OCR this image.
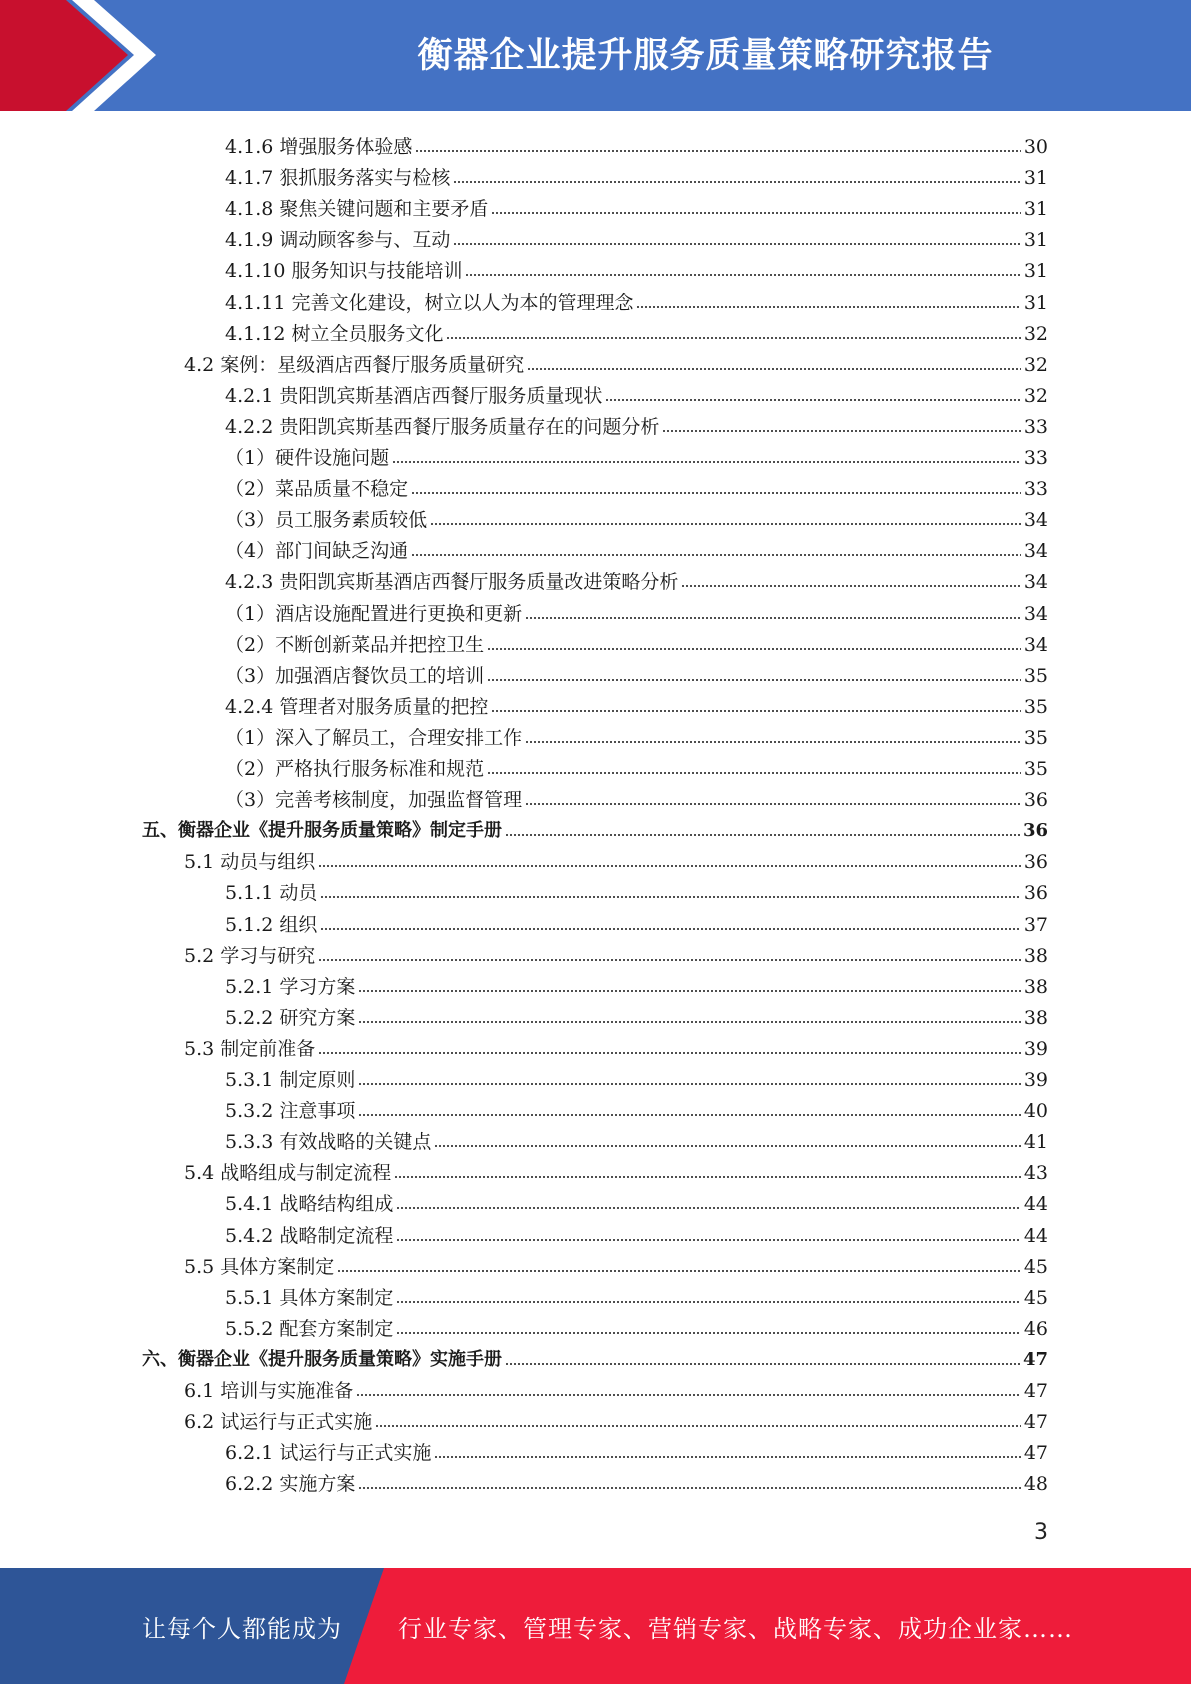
衡器企业提升服务质量策略研究报告
4.1.6 增强服务体验感	30
4.1.7 狠抓服务落实与检核	31
4.1.8 聚焦关键问题和主要矛盾	31
4.1.9 调动顾客参与、互动	31
4.1.10 服务知识与技能培训	31
4.1.11 完善文化建设，树立以人为本的管理理念	31
4.1.12 树立全员服务文化	32
4.2 案例：星级酒店西餐厅服务质量研究	32
4.2.1 贵阳凯宾斯基酒店西餐厅服务质量现状	32
4.2.2 贵阳凯宾斯基西餐厅服务质量存在的问题分析	33
（1）硬件设施问题	33
（2）菜品质量不稳定	33
（3）员工服务素质较低	34
（4）部门间缺乏沟通	34
4.2.3 贵阳凯宾斯基酒店西餐厅服务质量改进策略分析	34
（1）酒店设施配置进行更换和更新	34
（2）不断创新菜品并把控卫生	34
（3）加强酒店餐饮员工的培训	35
4.2.4 管理者对服务质量的把控	35
（1）深入了解员工，合理安排工作	35
（2）严格执行服务标准和规范	35
（3）完善考核制度，加强监督管理	36
五、衡器企业《提升服务质量策略》制定手册	36
5.1 动员与组织	36
5.1.1 动员	36
5.1.2 组织	37
5.2 学习与研究	38
5.2.1 学习方案	38
5.2.2 研究方案	38
5.3 制定前准备	39
5.3.1 制定原则	39
5.3.2 注意事项	40
5.3.3 有效战略的关键点	41
5.4 战略组成与制定流程	43
5.4.1 战略结构组成	44
5.4.2 战略制定流程	44
5.5 具体方案制定	45
5.5.1 具体方案制定	45
5.5.2 配套方案制定	46
六、衡器企业《提升服务质量策略》实施手册	47
6.1 培训与实施准备	47
6.2 试运行与正式实施	47
6.2.1 试运行与正式实施	47
6.2.2 实施方案	48
3
让每个人都能成为 行业专家、管理专家、营销专家、战略专家、成功企业家……
